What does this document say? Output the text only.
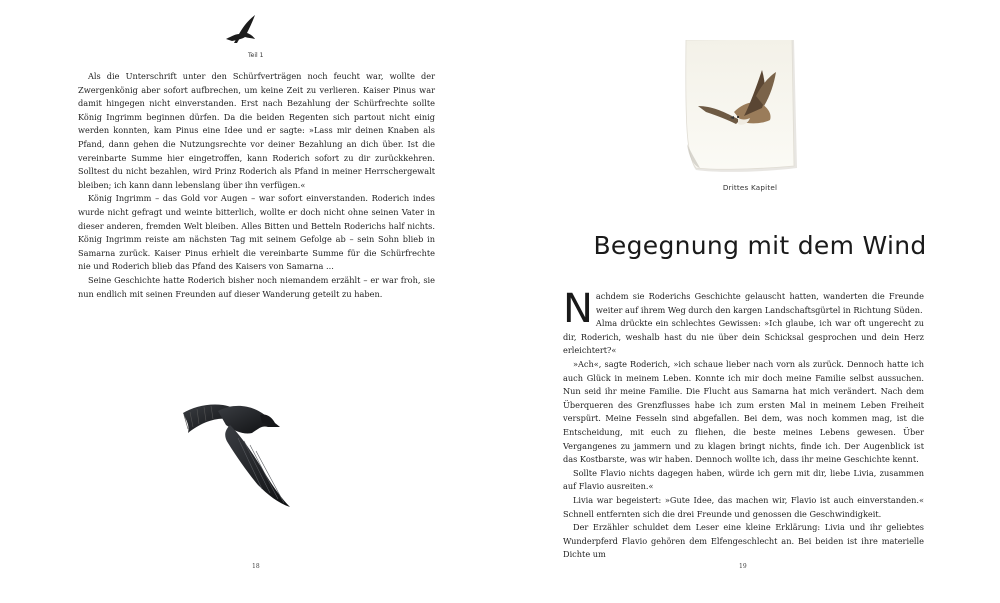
Teil 1

Als die Unterschrift unter den Schürfverträgen noch feucht war, wollte der Zwergenkönig aber sofort aufbrechen, um keine Zeit zu verlieren. Kaiser Pinus war damit hingegen nicht einverstanden. Erst nach Bezahlung der Schürfrechte sollte König Ingrimm beginnen dürfen. Da die beiden Regenten sich partout nicht einig werden konnten, kam Pinus eine Idee und er sagte: »Lass mir deinen Knaben als Pfand, dann gehen die Nutzungsrechte vor deiner Bezahlung an dich über. Ist die vereinbarte Summe hier eingetroffen, kann Roderich sofort zu dir zurückkehren. Solltest du nicht bezahlen, wird Prinz Roderich als Pfand in meiner Herrschergewalt bleiben; ich kann dann lebenslang über ihn verfügen.«

König Ingrimm – das Gold vor Augen – war sofort einverstanden. Roderich indes wurde nicht gefragt und weinte bitterlich, wollte er doch nicht ohne seinen Vater in dieser anderen, fremden Welt bleiben. Alles Bitten und Betteln Roderichs half nichts. König Ingrimm reiste am nächsten Tag mit seinem Gefolge ab – sein Sohn blieb in Samarna zurück. Kaiser Pinus erhielt die vereinbarte Summe für die Schürfrechte nie und Roderich blieb das Pfand des Kaisers von Samarna ...

Seine Geschichte hatte Roderich bisher noch niemandem erzählt – er war froh, sie nun endlich mit seinen Freunden auf dieser Wanderung geteilt zu haben.

18
Drittes Kapitel
Begegnung mit dem Wind

Nachdem sie Roderichs Geschichte gelauscht hatten, wanderten die Freunde weiter auf ihrem Weg durch den kargen Landschaftsgürtel in Richtung Süden.

Alma drückte ein schlechtes Gewissen: »Ich glaube, ich war oft ungerecht zu dir, Roderich, weshalb hast du nie über dein Schicksal gesprochen und dein Herz erleichtert?«

»Ach«, sagte Roderich, »ich schaue lieber nach vorn als zurück. Dennoch hatte ich auch Glück in meinem Leben. Konnte ich mir doch meine Familie selbst aussuchen. Nun seid ihr meine Familie. Die Flucht aus Samarna hat mich verändert. Nach dem Überqueren des Grenzflusses habe ich zum ersten Mal in meinem Leben Freiheit verspürt. Meine Fesseln sind abgefallen. Bei dem, was noch kommen mag, ist die Entscheidung, mit euch zu fliehen, die beste meines Lebens gewesen. Über Vergangenes zu jammern und zu klagen bringt nichts, finde ich. Der Augenblick ist das Kostbarste, was wir haben. Dennoch wollte ich, dass ihr meine Geschichte kennt.

Sollte Flavio nichts dagegen haben, würde ich gern mit dir, liebe Livia, zusammen auf Flavio ausreiten.«

Livia war begeistert: »Gute Idee, das machen wir, Flavio ist auch einverstanden.« Schnell entfernten sich die drei Freunde und genossen die Geschwindigkeit.

Der Erzähler schuldet dem Leser eine kleine Erklärung: Livia und ihr geliebtes Wunderpferd Flavio gehören dem Elfengeschlecht an. Bei beiden ist ihre materielle Dichte um

19
